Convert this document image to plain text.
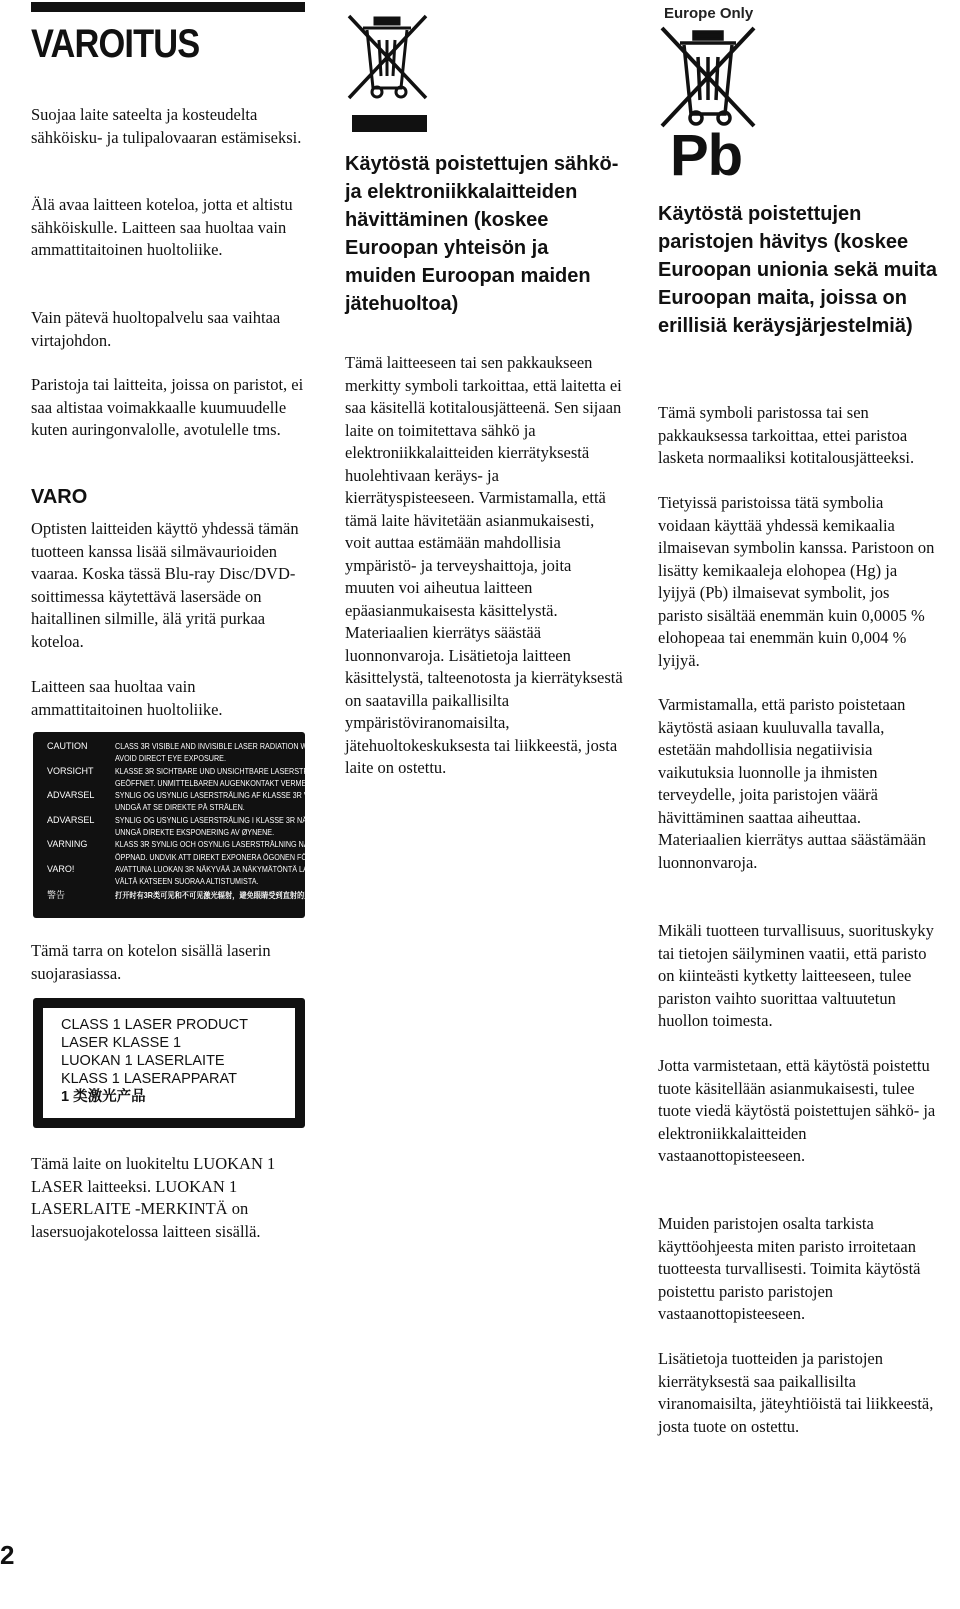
VAROITUS

Suojaa laite sateelta ja kosteudelta sähköisku- ja tulipalovaaran estämiseksi.

Älä avaa laitteen koteloa, jotta et altistu sähköiskulle. Laitteen saa huoltaa vain ammattitaitoinen huoltoliike.

Vain pätevä huoltopalvelu saa vaihtaa virtajohdon.

Paristoja tai laitteita, joissa on paristot, ei saa altistaa voimakkaalle kuumuudelle kuten auringonvalolle, avotulelle tms.

VARO

Optisten laitteiden käyttö yhdessä tämän tuotteen kanssa lisää silmävaurioiden vaaraa. Koska tässä Blu-ray Disc/DVD-soittimessa käytettävä lasersäde on haitallinen silmille, älä yritä purkaa koteloa.

Laitteen saa huoltaa vain ammattitaitoinen huoltoliike.

CAUTION	CLASS 3R VISIBLE AND INVISIBLE LASER RADIATION WHEN OPEN.
AVOID DIRECT EYE EXPOSURE.
VORSICHT	KLASSE 3R SICHTBARE UND UNSICHTBARE LASERSTRAHLUNG WENN
GEÖFFNET. UNMITTELBAREN AUGENKONTAKT VERMEIDEN.
ADVARSEL	SYNLIG OG USYNLIG LASERSTRÅLING AF KLASSE 3R VED ÅBNING.
UNDGÅ AT SE DIREKTE PÅ STRÅLEN.
ADVARSEL	SYNLIG OG USYNLIG LASERSTRÅLING I KLASSE 3R NÅR DEKSEL ÅPNES.
UNNGÅ DIREKTE EKSPONERING AV ØYNENE.
VARNING	KLASS 3R SYNLIG OCH OSYNLIG LASERSTRÅLNING NÄR DENNA DEL ÄR
ÖPPNAD. UNDVIK ATT DIREKT EXPONERA ÖGONEN FÖR STRÅLNINGEN.
VARO!	AVATTUNA LUOKAN 3R NÄKYVÄÄ JA NÄKYMÄTÖNTÄ LASERSÄTEILYÄ.
VÄLTÄ KATSEEN SUORAA ALTISTUMISTA.
警告	打开时有3R类可见和不可见激光辐射，避免眼睛受到直射的照射

Tämä tarra on kotelon sisällä laserin suojarasiassa.

CLASS 1 LASER PRODUCT
LASER KLASSE 1
LUOKAN 1 LASERLAITE
KLASS 1 LASERAPPARAT
1 类激光产品

Tämä laite on luokiteltu LUOKAN 1 LASER laitteeksi. LUOKAN 1 LASERLAITE -MERKINTÄ on lasersuojakotelossa laitteen sisällä.

2
Käytöstä poistettujen sähkö- ja elektroniikkalaitteiden hävittäminen (koskee Euroopan yhteisön ja muiden Euroopan maiden jätehuoltoa)

Tämä laitteeseen tai sen pakkaukseen merkitty symboli tarkoittaa, että laitetta ei saa käsitellä kotitalousjätteenä. Sen sijaan laite on toimitettava sähkö ja elektroniikkalaitteiden kierrätyksestä huolehtivaan keräys- ja kierrätyspisteeseen. Varmistamalla, että tämä laite hävitetään asianmukaisesti, voit auttaa estämään mahdollisia ympäristö- ja terveyshaittoja, joita muuten voi aiheutua laitteen epäasianmukaisesta käsittelystä. Materiaalien kierrätys säästää luonnonvaroja. Lisätietoja laitteen käsittelystä, talteenotosta ja kierrätyksestä on saatavilla paikallisilta ympäristöviranomaisilta, jätehuoltokeskuksesta tai liikkeestä, josta laite on ostettu.

Europe Only
Pb
Käytöstä poistettujen paristojen hävitys (koskee Euroopan unionia sekä muita Euroopan maita, joissa on erillisiä keräysjärjestelmiä)

Tämä symboli paristossa tai sen pakkauksessa tarkoittaa, ettei paristoa lasketa normaaliksi kotitalousjätteeksi.

Tietyissä paristoissa tätä symbolia voidaan käyttää yhdessä kemikaalia ilmaisevan symbolin kanssa. Paristoon on lisätty kemikaaleja elohopea (Hg) ja lyijyä (Pb) ilmaisevat symbolit, jos paristo sisältää enemmän kuin 0,0005 % elohopeaa tai enemmän kuin 0,004 % lyijyä.

Varmistamalla, että paristo poistetaan käytöstä asiaan kuuluvalla tavalla, estetään mahdollisia negatiivisia vaikutuksia luonnolle ja ihmisten terveydelle, joita paristojen väärä hävittäminen saattaa aiheuttaa. Materiaalien kierrätys auttaa säästämään luonnonvaroja.

Mikäli tuotteen turvallisuus, suorituskyky tai tietojen säilyminen vaatii, että paristo on kiinteästi kytketty laitteeseen, tulee pariston vaihto suorittaa valtuutetun huollon toimesta.

Jotta varmistetaan, että käytöstä poistettu tuote käsitellään asianmukaisesti, tulee tuote viedä käytöstä poistettujen sähkö- ja elektroniikkalaitteiden vastaanottopisteeseen.

Muiden paristojen osalta tarkista käyttöohjeesta miten paristo irroitetaan tuotteesta turvallisesti. Toimita käytöstä poistettu paristo paristojen vastaanottopisteeseen.

Lisätietoja tuotteiden ja paristojen kierrätyksestä saa paikallisilta viranomaisilta, jäteyhtiöistä tai liikkeestä, josta tuote on ostettu.
